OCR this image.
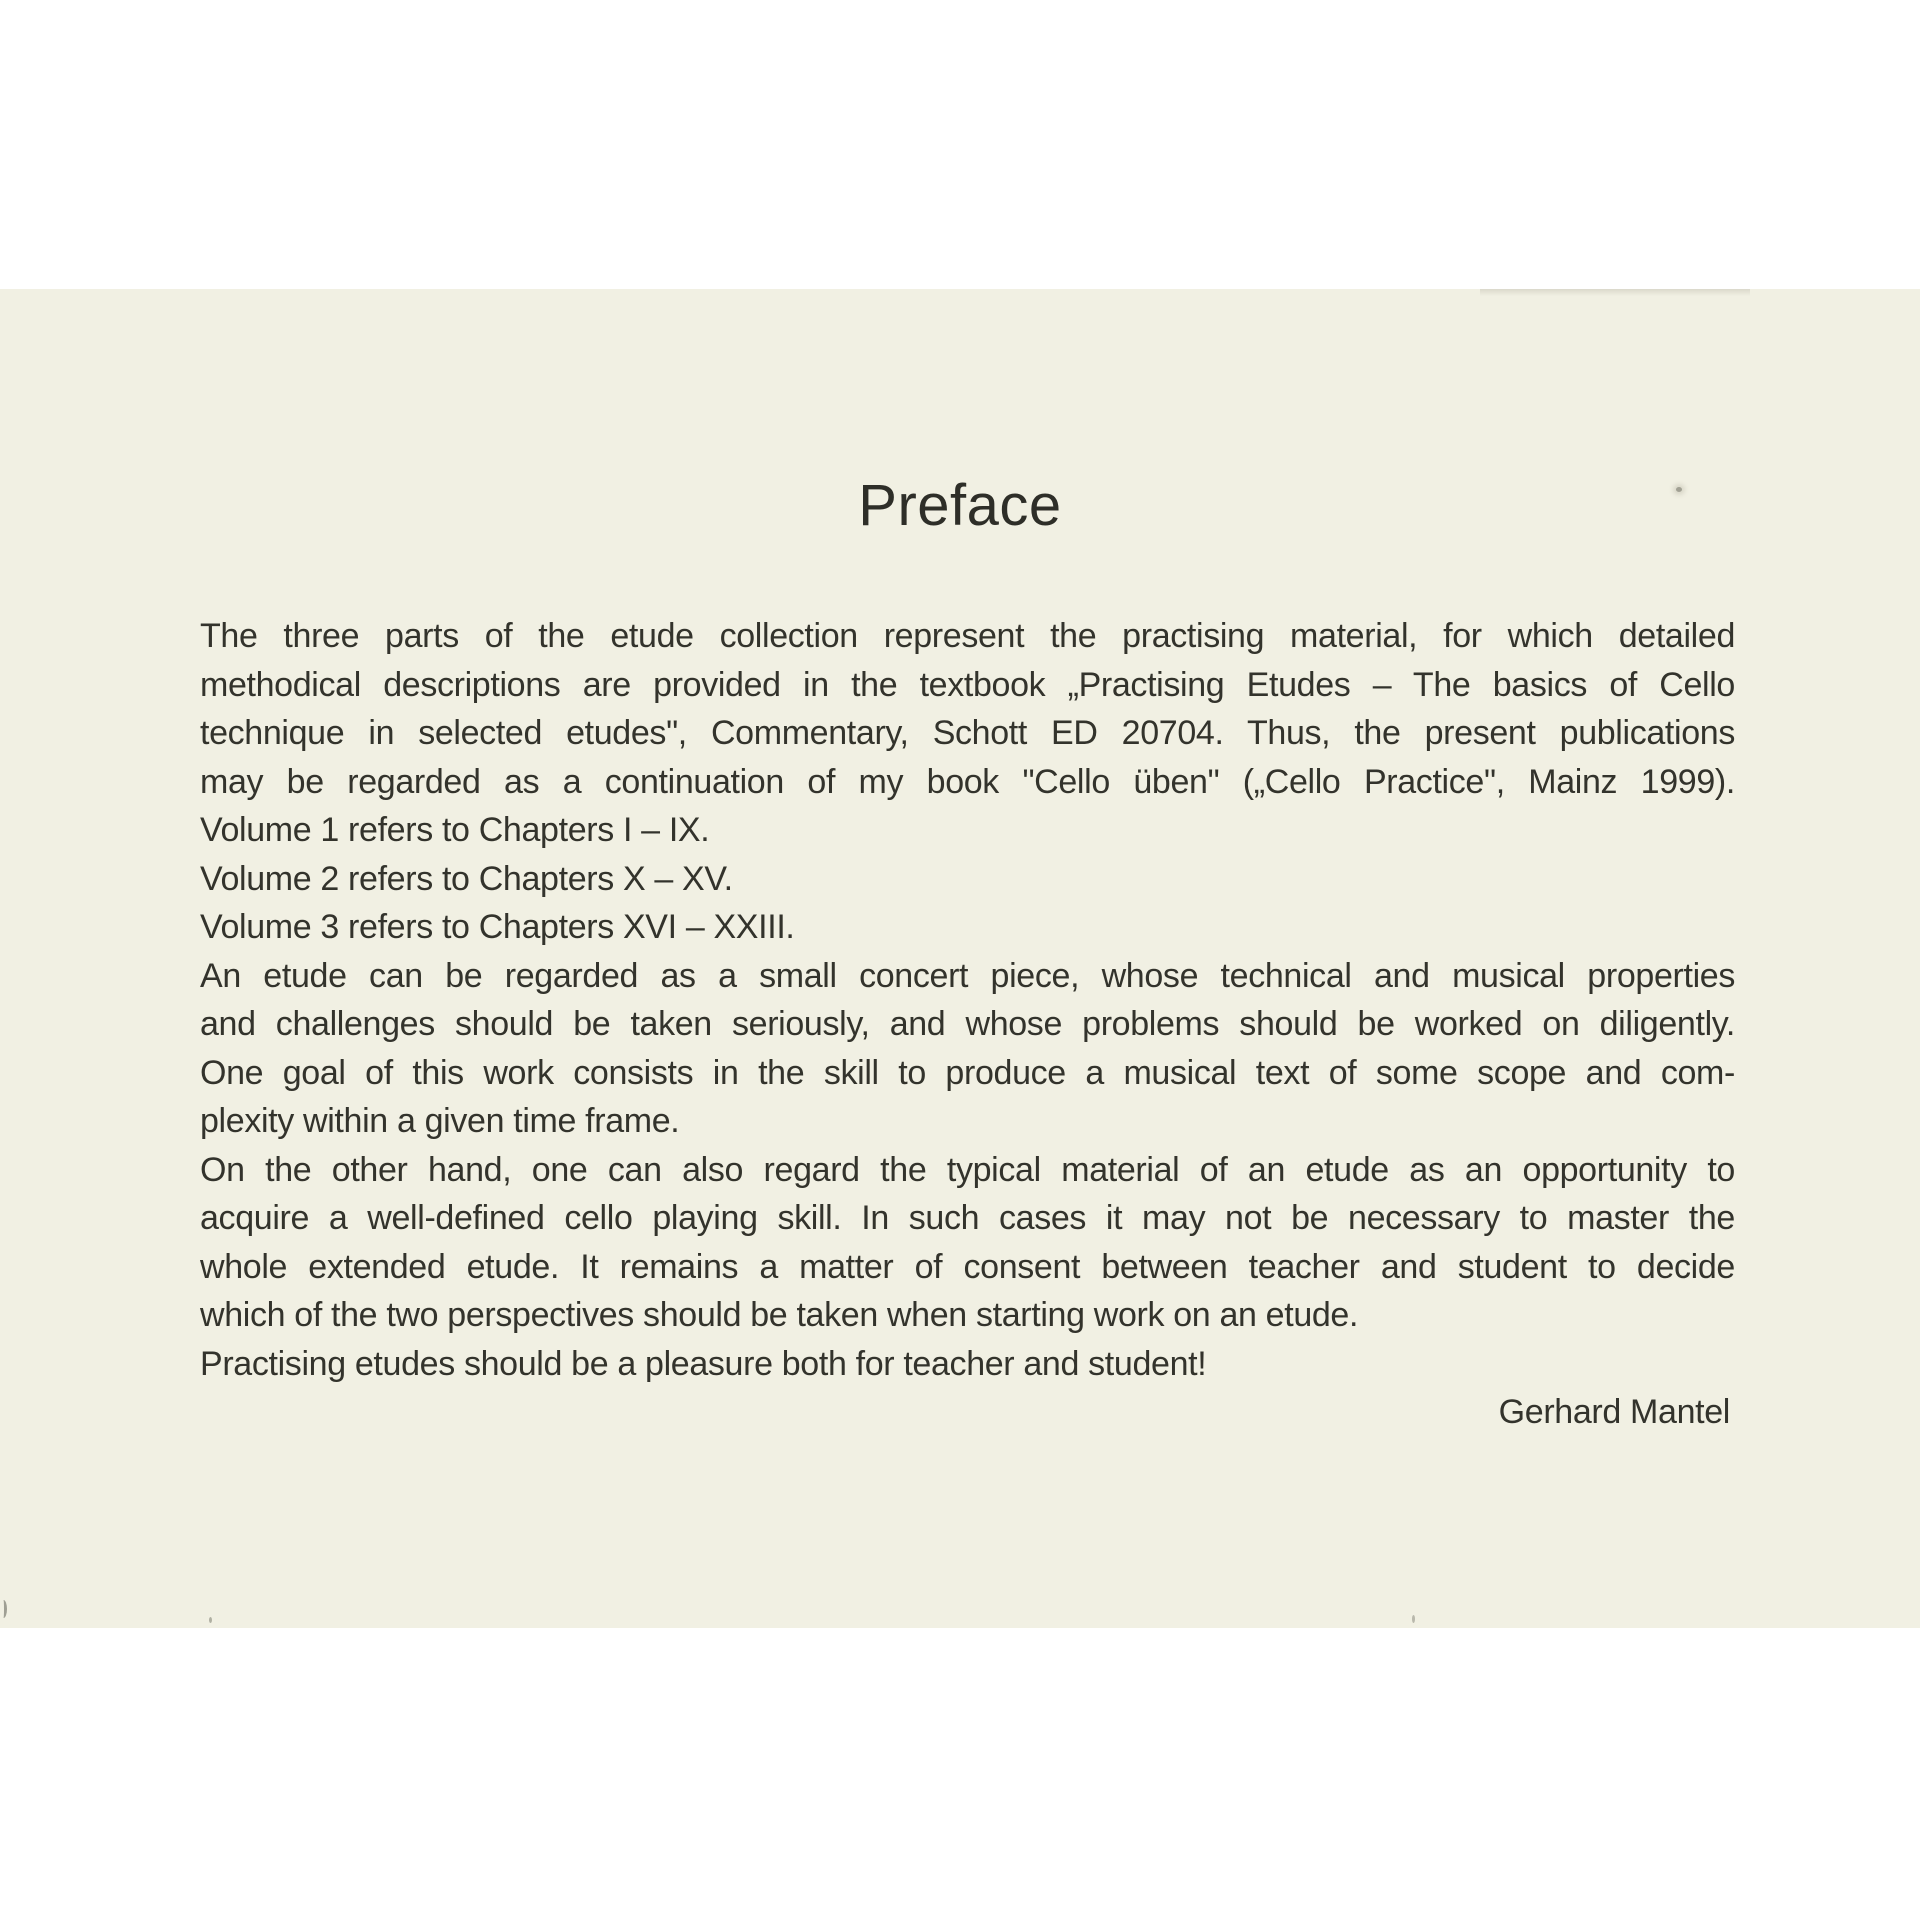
Preface
The three parts of the etude collection represent the practising material, for which detailed
methodical descriptions are provided in the textbook „Practising Etudes – The basics of Cello
technique in selected etudes", Commentary, Schott ED 20704. Thus, the present publications
may be regarded as a continuation of my book "Cello üben" („Cello Practice", Mainz 1999).
Volume 1 refers to Chapters I – IX.
Volume 2 refers to Chapters X – XV.
Volume 3 refers to Chapters XVI – XXIII.
An etude can be regarded as a small concert piece, whose technical and musical properties
and challenges should be taken seriously, and whose problems should be worked on diligently.
One goal of this work consists in the skill to produce a musical text of some scope and com-
plexity within a given time frame.
On the other hand, one can also regard the typical material of an etude as an opportunity to
acquire a well-defined cello playing skill. In such cases it may not be necessary to master the
whole extended etude. It remains a matter of consent between teacher and student to decide
which of the two perspectives should be taken when starting work on an etude.
Practising etudes should be a pleasure both for teacher and student!
Gerhard Mantel
